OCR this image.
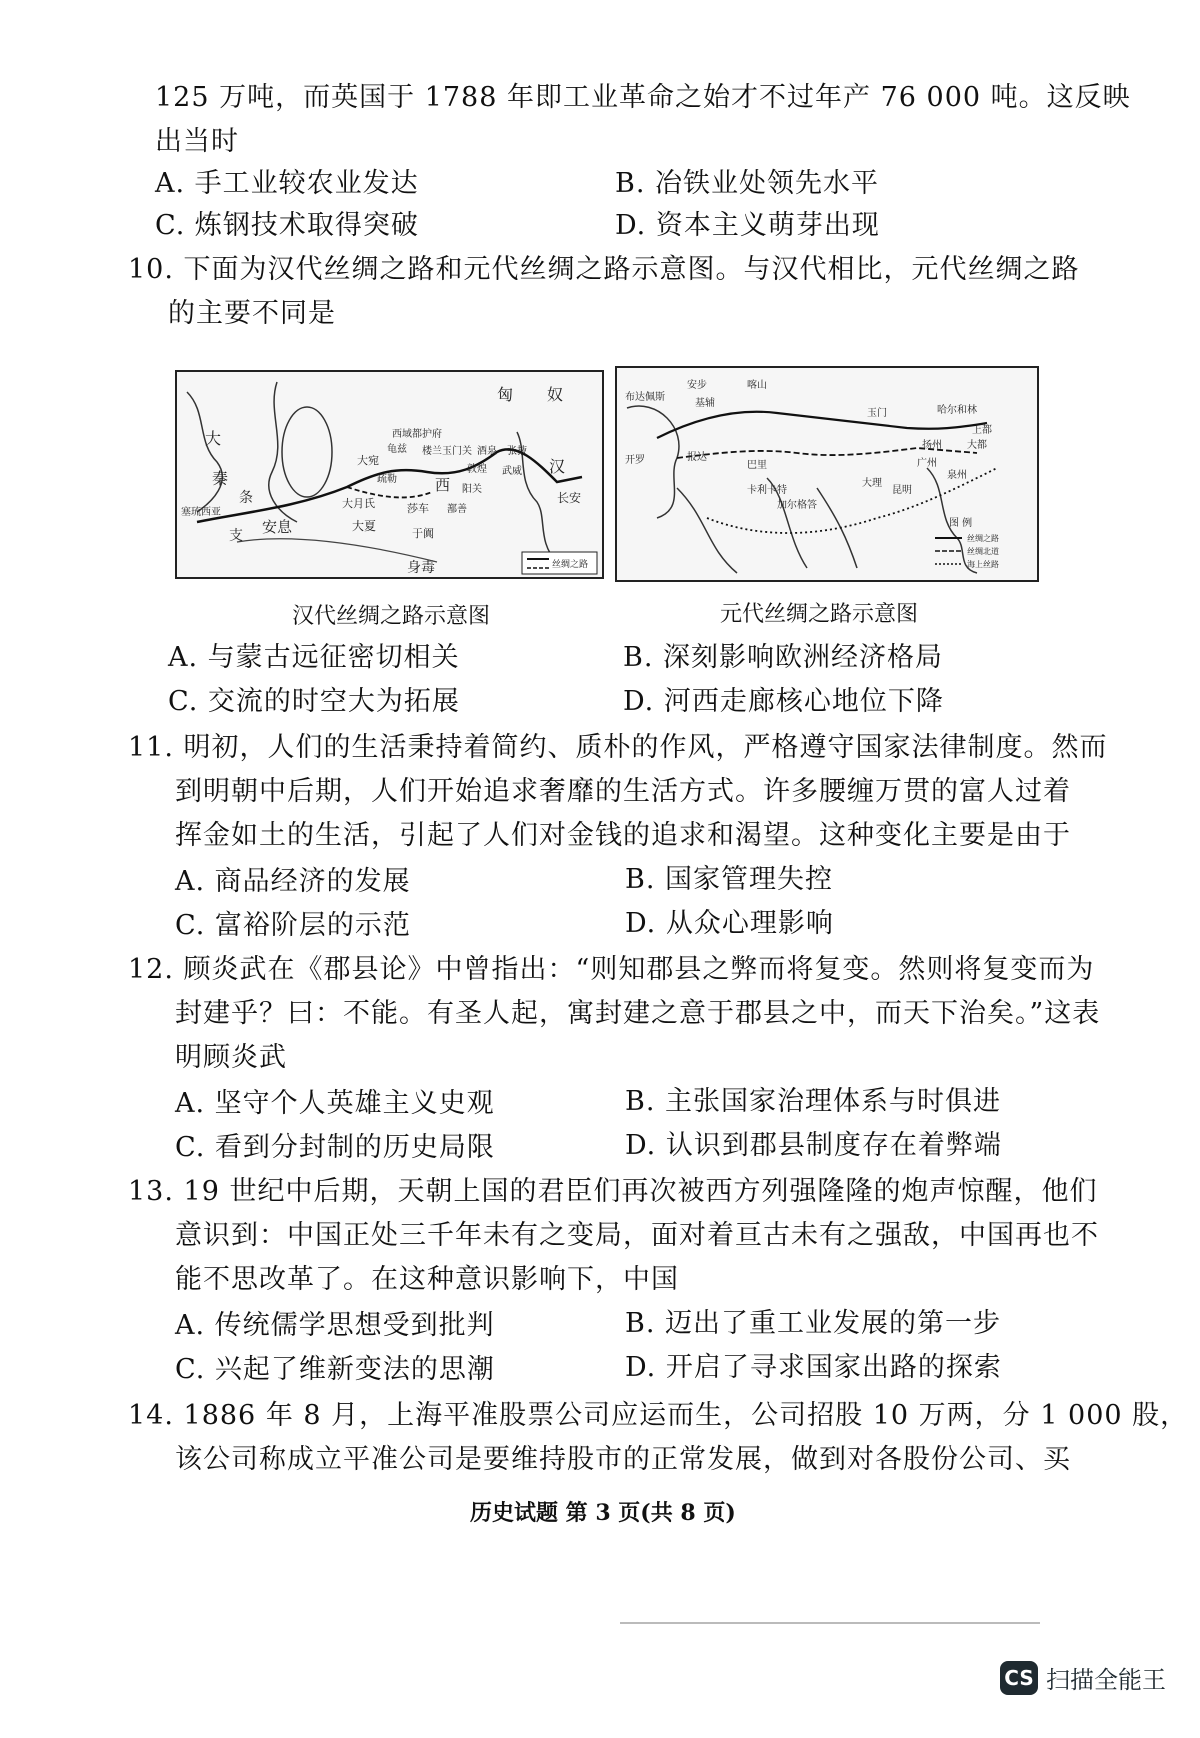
125 万吨，而英国于 1788 年即工业革命之始才不过年产 76 000 吨。这反映
出当时
A. 手工业较农业发达	B. 冶铁业处领先水平
C. 炼钢技术取得突破	D. 资本主义萌芽出现
10. 下面为汉代丝绸之路和元代丝绸之路示意图。与汉代相比，元代丝绸之路
的主要不同是
匈 奴
大
秦
条
支 安息	大夏
大宛
大月氏	莎车
于阗
身毒
西
汉
长安
西域都护府
阳关
鄯善
敦煌 武威
张掖
酒泉
玉门关
楼兰
龟兹
疏勒
塞琉西亚
丝绸之路
安步	喀山
布达佩斯
基辅
哈尔和林
大都
上都
泉州
昆明
大理
广州
开罗	报达
巴里
卡利卡特
加尔格答
扬州
玉门
图 例
丝绸之路
丝绸北道
海上丝路
汉代丝绸之路示意图	元代丝绸之路示意图
A. 与蒙古远征密切相关	B. 深刻影响欧洲经济格局
C. 交流的时空大为拓展	D. 河西走廊核心地位下降
11. 明初，人们的生活秉持着简约、质朴的作风，严格遵守国家法律制度。然而
到明朝中后期，人们开始追求奢靡的生活方式。许多腰缠万贯的富人过着
挥金如土的生活，引起了人们对金钱的追求和渴望。这种变化主要是由于
A. 商品经济的发展	B. 国家管理失控
C. 富裕阶层的示范	D. 从众心理影响
12. 顾炎武在《郡县论》中曾指出：“则知郡县之弊而将复变。然则将复变而为
封建乎？曰：不能。有圣人起，寓封建之意于郡县之中，而天下治矣。”这表
明顾炎武
A. 坚守个人英雄主义史观	B. 主张国家治理体系与时俱进
C. 看到分封制的历史局限	D. 认识到郡县制度存在着弊端
13. 19 世纪中后期，天朝上国的君臣们再次被西方列强隆隆的炮声惊醒，他们
意识到：中国正处三千年未有之变局，面对着亘古未有之强敌，中国再也不
能不思改革了。在这种意识影响下，中国
A. 传统儒学思想受到批判	B. 迈出了重工业发展的第一步
C. 兴起了维新变法的思潮	D. 开启了寻求国家出路的探索
14. 1886 年 8 月，上海平准股票公司应运而生，公司招股 10 万两，分 1 000 股，
该公司称成立平准公司是要维持股市的正常发展，做到对各股份公司、买
历史试题 第 3 页(共 8 页)
CS 扫描全能王
